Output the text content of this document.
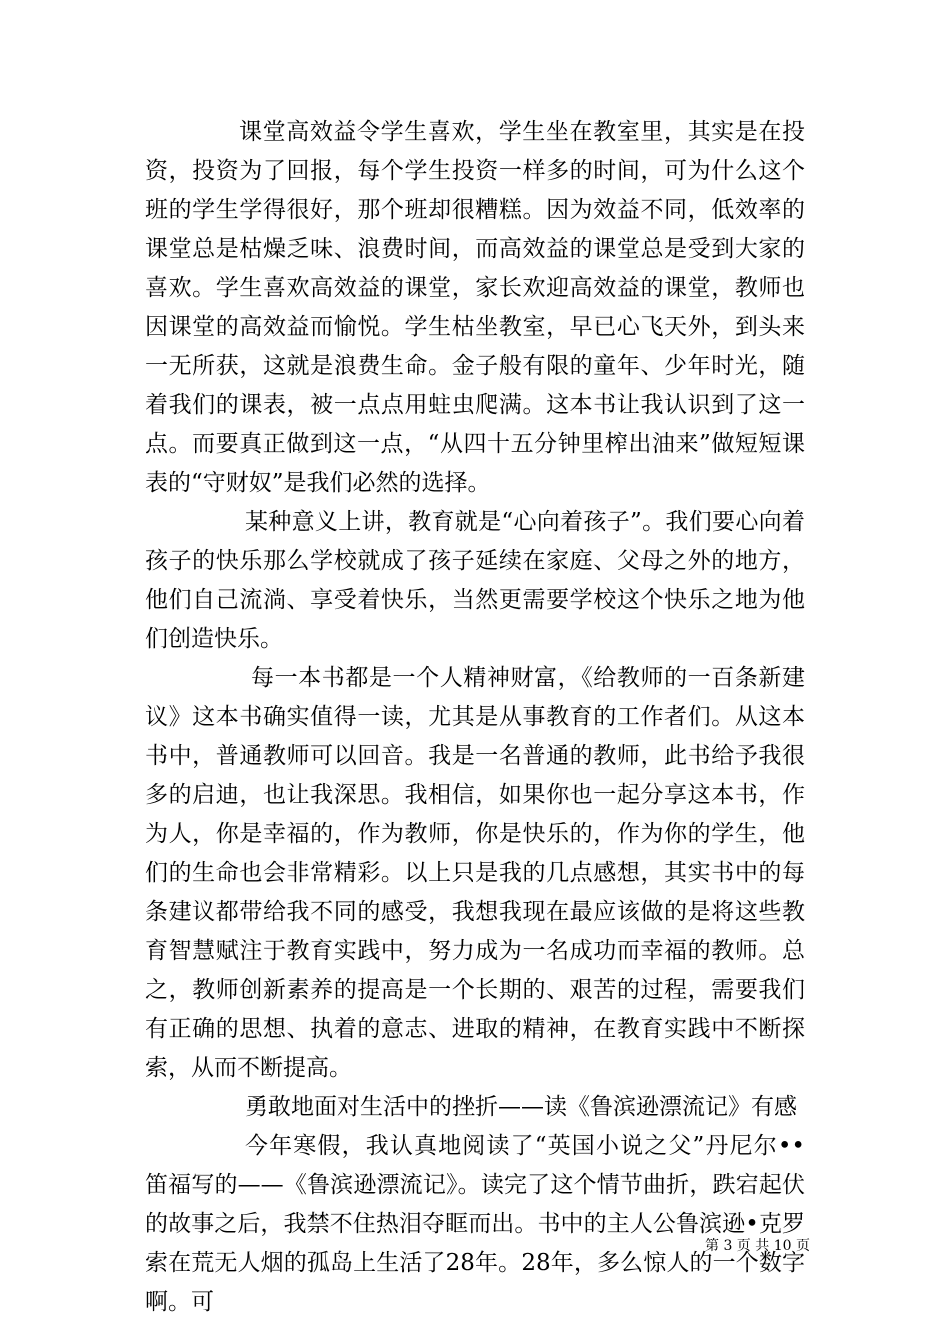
课堂高效益令学生喜欢，学生坐在教室里，其实是在投资，投资为了回报，每个学生投资一样多的时间，可为什么这个班的学生学得很好，那个班却很糟糕。因为效益不同，低效率的课堂总是枯燥乏味、浪费时间，而高效益的课堂总是受到大家的喜欢。学生喜欢高效益的课堂，家长欢迎高效益的课堂，教师也因课堂的高效益而愉悦。学生枯坐教室，早已心飞天外，到头来一无所获，这就是浪费生命。金子般有限的童年、少年时光，随着我们的课表，被一点点用蛀虫爬满。这本书让我认识到了这一点。而要真正做到这一点，“从四十五分钟里榨出油来”做短短课表的“守财奴”是我们必然的选择。

某种意义上讲，教育就是“心向着孩子”。我们要心向着孩子的快乐那么学校就成了孩子延续在家庭、父母之外的地方，他们自己流淌、享受着快乐，当然更需要学校这个快乐之地为他们创造快乐。

每一本书都是一个人精神财富，《给教师的一百条新建议》这本书确实值得一读，尤其是从事教育的工作者们。从这本书中，普通教师可以回音。我是一名普通的教师，此书给予我很多的启迪，也让我深思。我相信，如果你也一起分享这本书，作为人，你是幸福的，作为教师，你是快乐的，作为你的学生，他们的生命也会非常精彩。以上只是我的几点感想，其实书中的每条建议都带给我不同的感受，我想我现在最应该做的是将这些教育智慧赋注于教育实践中，努力成为一名成功而幸福的教师。总之，教师创新素养的提高是一个长期的、艰苦的过程，需要我们有正确的思想、执着的意志、进取的精神，在教育实践中不断探索，从而不断提高。

勇敢地面对生活中的挫折——读《鲁滨逊漂流记》有感

今年寒假，我认真地阅读了“英国小说之父”丹尼尔•• 笛福写的——《鲁滨逊漂流记》。读完了这个情节曲折，跌宕起伏的故事之后，我禁不住热泪夺眶而出。书中的主人公鲁滨逊•克罗索在荒无人烟的孤岛上生活了28年。28年，多么惊人的一个数字啊。可

第 3 页 共 10 页
